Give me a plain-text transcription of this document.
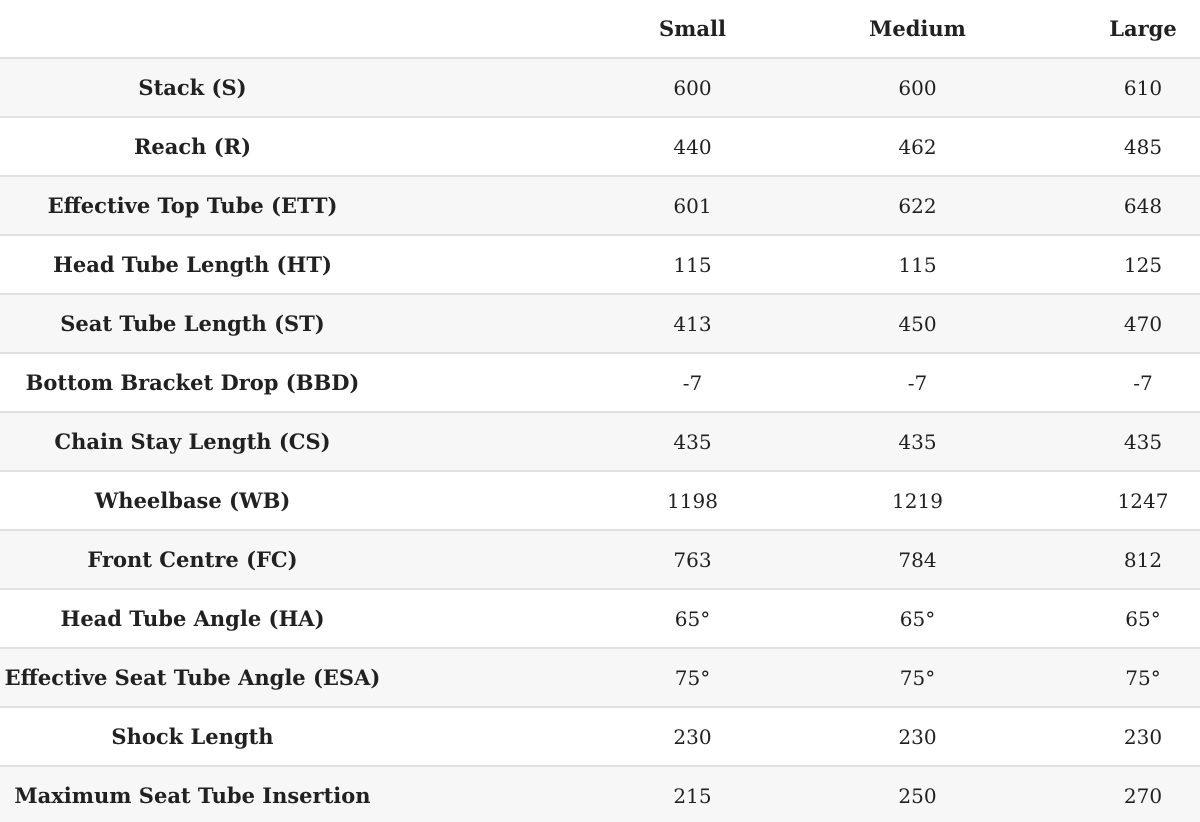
	Small	Medium	Large
Stack (S)	600	600	610
Reach (R)	440	462	485
Effective Top Tube (ETT)	601	622	648
Head Tube Length (HT)	115	115	125
Seat Tube Length (ST)	413	450	470
Bottom Bracket Drop (BBD)	-7	-7	-7
Chain Stay Length (CS)	435	435	435
Wheelbase (WB)	1198	1219	1247
Front Centre (FC)	763	784	812
Head Tube Angle (HA)	65°	65°	65°
Effective Seat Tube Angle (ESA)	75°	75°	75°
Shock Length	230	230	230
Maximum Seat Tube Insertion	215	250	270
